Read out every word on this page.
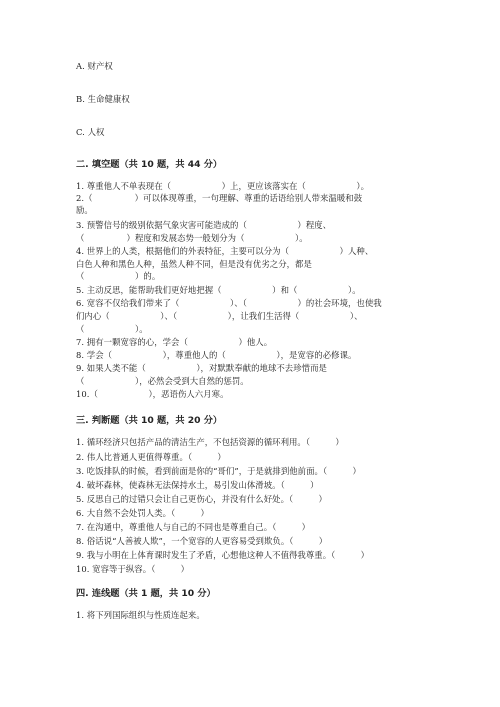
A. 财产权
B. 生命健康权
C. 人权
二. 填空题（共 10 题，共 44 分）
1. 尊重他人不单表现在（　　　　　　）上，更应该落实在（　　　　　　）。
2.（　　　　　）可以体现尊重，一句理解、尊重的话语给别人带来温暖和鼓
励。
3. 预警信号的级别依据气象灾害可能造成的（　　　　　　）程度、
（　　　　　）程度和发展态势一般划分为（　　　　　　）。
4. 世界上的人类，根据他们的外表特征，主要可以分为（　　　　　　）人种、
白色人种和黑色人种，虽然人种不同，但是没有优劣之分，都是
（　　　　　　）的。
5. 主动反思，能帮助我们更好地把握（　　　　　　）和（　　　　　　）。
6. 宽容不仅给我们带来了（　　　　　　）、（　　　　　　）的社会环境，也使我
们内心（　　　　　　）、（　　　　　　），让我们生活得（　　　　　　）、
（　　　　　　）。
7. 拥有一颗宽容的心，学会（　　　　　　）他人。
8. 学会（　　　　　　），尊重他人的（　　　　　　），是宽容的必修课。
9. 如果人类不能（　　　　　　），对默默奉献的地球不去珍惜而是
（　　　　　　），必然会受到大自然的惩罚。
10.（　　　　　　），恶语伤人六月寒。
三. 判断题（共 10 题，共 20 分）
1. 循环经济只包括产品的清洁生产，不包括资源的循环利用。（　　　）
2. 伟人比普通人更值得尊重。（　　　）
3. 吃饭排队的时候，看到前面是你的“哥们”，于是就排到他前面。（　　　）
4. 破坏森林，使森林无法保持水土，易引发山体滑坡。（　　　）
5. 反思自己的过错只会让自己更伤心，并没有什么好处。（　　　）
6. 大自然不会处罚人类。（　　　）
7. 在沟通中，尊重他人与自己的不同也是尊重自己。（　　　）
8. 俗话说“人善被人欺”，一个宽容的人更容易受到欺负。（　　　）
9. 我与小明在上体育课时发生了矛盾，心想他这种人不值得我尊重。（　　　）
10. 宽容等于纵容。（　　　）
四. 连线题（共 1 题，共 10 分）
1. 将下列国际组织与性质连起来。
